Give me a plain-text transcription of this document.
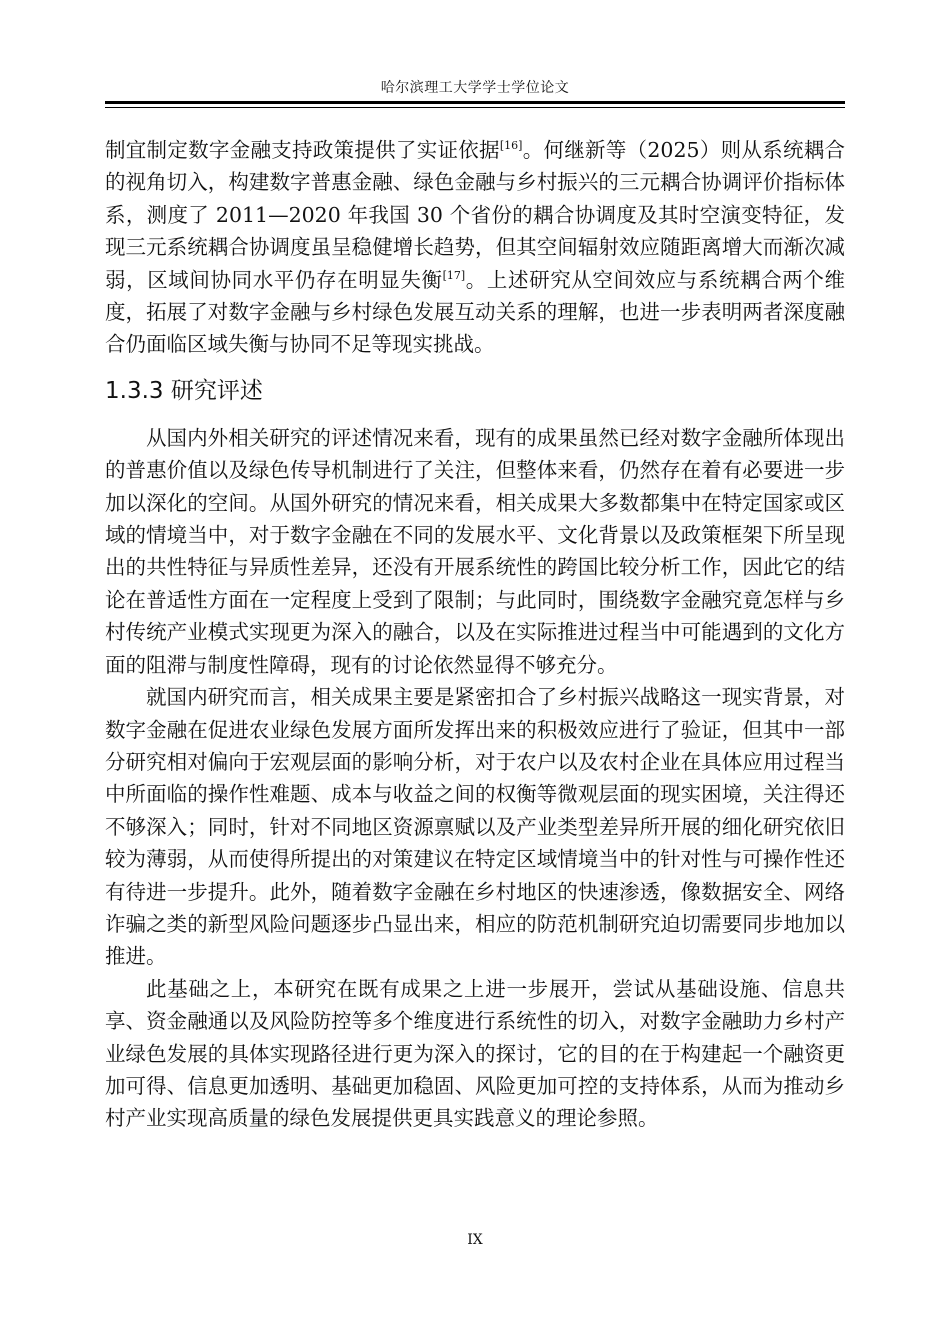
哈尔滨理工大学学士学位论文

制宜制定数字金融支持政策提供了实证依据[16]。何继新等（2025）则从系统耦合的视角切入，构建数字普惠金融、绿色金融与乡村振兴的三元耦合协调评价指标体系，测度了 2011—2020 年我国 30 个省份的耦合协调度及其时空演变特征，发现三元系统耦合协调度虽呈稳健增长趋势，但其空间辐射效应随距离增大而渐次减弱，区域间协同水平仍存在明显失衡[17]。上述研究从空间效应与系统耦合两个维度，拓展了对数字金融与乡村绿色发展互动关系的理解，也进一步表明两者深度融合仍面临区域失衡与协同不足等现实挑战。

1.3.3 研究评述

从国内外相关研究的评述情况来看，现有的成果虽然已经对数字金融所体现出的普惠价值以及绿色传导机制进行了关注，但整体来看，仍然存在着有必要进一步加以深化的空间。从国外研究的情况来看，相关成果大多数都集中在特定国家或区域的情境当中，对于数字金融在不同的发展水平、文化背景以及政策框架下所呈现出的共性特征与异质性差异，还没有开展系统性的跨国比较分析工作，因此它的结论在普适性方面在一定程度上受到了限制；与此同时，围绕数字金融究竟怎样与乡村传统产业模式实现更为深入的融合，以及在实际推进过程当中可能遇到的文化方面的阻滞与制度性障碍，现有的讨论依然显得不够充分。

就国内研究而言，相关成果主要是紧密扣合了乡村振兴战略这一现实背景，对数字金融在促进农业绿色发展方面所发挥出来的积极效应进行了验证，但其中一部分研究相对偏向于宏观层面的影响分析，对于农户以及农村企业在具体应用过程当中所面临的操作性难题、成本与收益之间的权衡等微观层面的现实困境，关注得还不够深入；同时，针对不同地区资源禀赋以及产业类型差异所开展的细化研究依旧较为薄弱，从而使得所提出的对策建议在特定区域情境当中的针对性与可操作性还有待进一步提升。此外，随着数字金融在乡村地区的快速渗透，像数据安全、网络诈骗之类的新型风险问题逐步凸显出来，相应的防范机制研究迫切需要同步地加以推进。

此基础之上，本研究在既有成果之上进一步展开，尝试从基础设施、信息共享、资金融通以及风险防控等多个维度进行系统性的切入，对数字金融助力乡村产业绿色发展的具体实现路径进行更为深入的探讨，它的目的在于构建起一个融资更加可得、信息更加透明、基础更加稳固、风险更加可控的支持体系，从而为推动乡村产业实现高质量的绿色发展提供更具实践意义的理论参照。

IX
